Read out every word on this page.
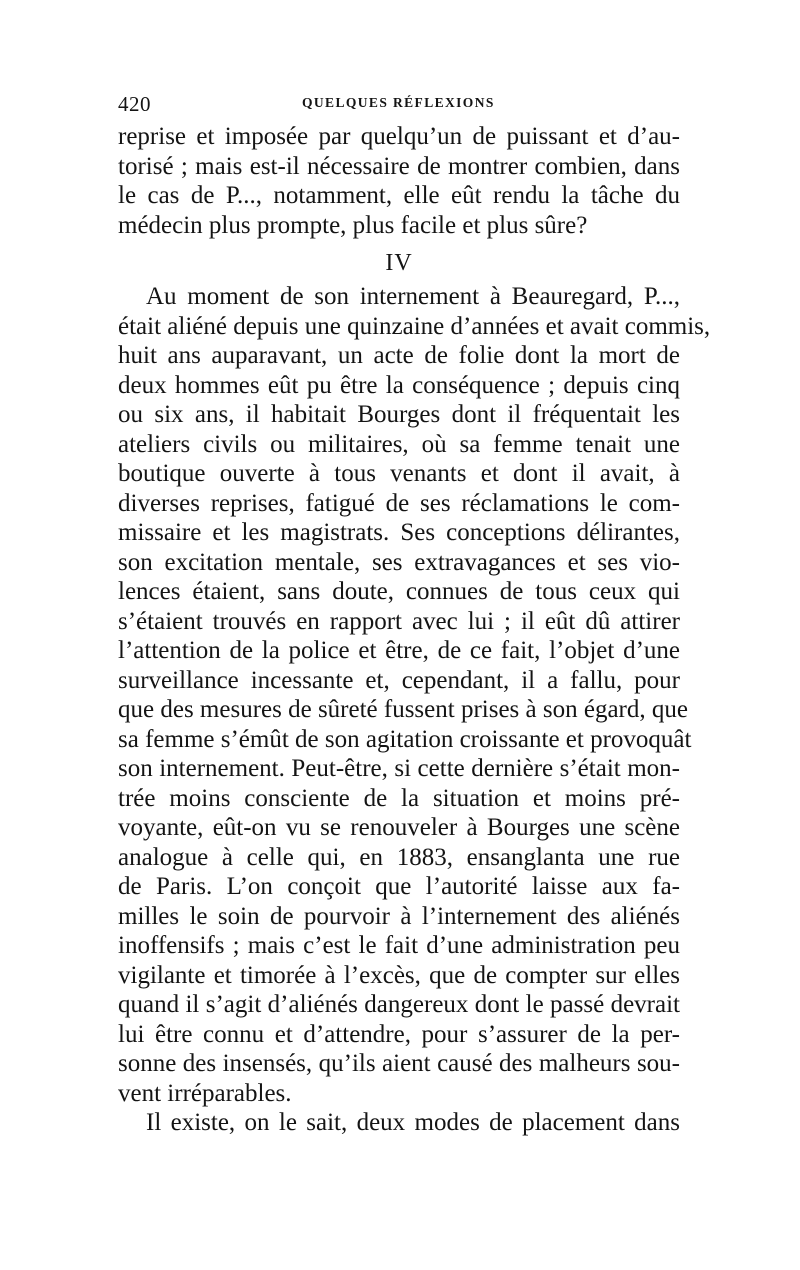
420	QUELQUES RÉFLEXIONS
reprise et imposée par quelqu’un de puissant et d’au-
torisé ; mais est-il nécessaire de montrer combien, dans
le cas de P..., notamment, elle eût rendu la tâche du
médecin plus prompte, plus facile et plus sûre?
IV
Au moment de son internement à Beauregard, P...,
était aliéné depuis une quinzaine d’années et avait commis,
huit ans auparavant, un acte de folie dont la mort de
deux hommes eût pu être la conséquence ; depuis cinq
ou six ans, il habitait Bourges dont il fréquentait les
ateliers civils ou militaires, où sa femme tenait une
boutique ouverte à tous venants et dont il avait, à
diverses reprises, fatigué de ses réclamations le com-
missaire et les magistrats. Ses conceptions délirantes,
son excitation mentale, ses extravagances et ses vio-
lences étaient, sans doute, connues de tous ceux qui
s’étaient trouvés en rapport avec lui ; il eût dû attirer
l’attention de la police et être, de ce fait, l’objet d’une
surveillance incessante et, cependant, il a fallu, pour
que des mesures de sûreté fussent prises à son égard, que
sa femme s’émût de son agitation croissante et provoquât
son internement. Peut-être, si cette dernière s’était mon-
trée moins consciente de la situation et moins pré-
voyante, eût-on vu se renouveler à Bourges une scène
analogue à celle qui, en 1883, ensanglanta une rue
de Paris. L’on conçoit que l’autorité laisse aux fa-
milles le soin de pourvoir à l’internement des aliénés
inoffensifs ; mais c’est le fait d’une administration peu
vigilante et timorée à l’excès, que de compter sur elles
quand il s’agit d’aliénés dangereux dont le passé devrait
lui être connu et d’attendre, pour s’assurer de la per-
sonne des insensés, qu’ils aient causé des malheurs sou-
vent irréparables.
Il existe, on le sait, deux modes de placement dans
